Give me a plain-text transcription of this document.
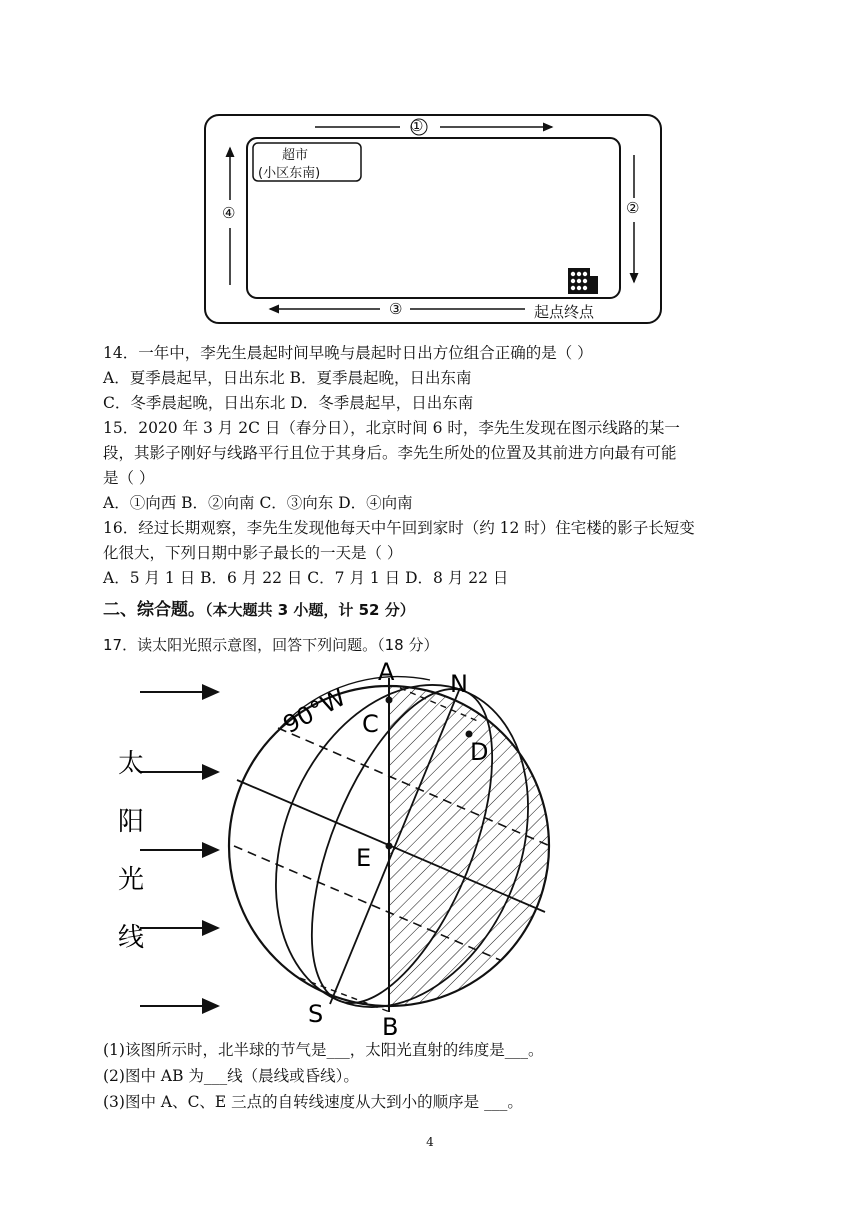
①
②
③
④
超市
(小区东南)
起点终点
14．一年中，李先生晨起时间早晚与晨起时日出方位组合正确的是（ ）
A．夏季晨起早，日出东北 B．夏季晨起晚，日出东南
C．冬季晨起晚，日出东北 D．冬季晨起早，日出东南
15．2020 年 3 月 2C 日（春分日），北京时间 6 时，李先生发现在图示线路的某一
段，其影子刚好与线路平行且位于其身后。李先生所处的位置及其前进方向最有可能
是（ ）
A．①向西 B．②向南 C．③向东 D．④向南
16．经过长期观察，李先生发现他每天中午回到家时（约 12 时）住宅楼的影子长短变
化很大，下列日期中影子最长的一天是（ ）
A．5 月 1 日 B．6 月 22 日 C．7 月 1 日 D．8 月 22 日
二、综合题。（本大题共 3 小题，计 52 分）
17．读太阳光照示意图，回答下列问题。（18 分）
太
阳
光
线
A N
C
D
E
S B
90°W
(1)该图所示时，北半球的节气是___，太阳光直射的纬度是___。
(2)图中 AB 为___线（晨线或昏线）。
(3)图中 A、C、E 三点的自转线速度从大到小的顺序是 ___。
4
